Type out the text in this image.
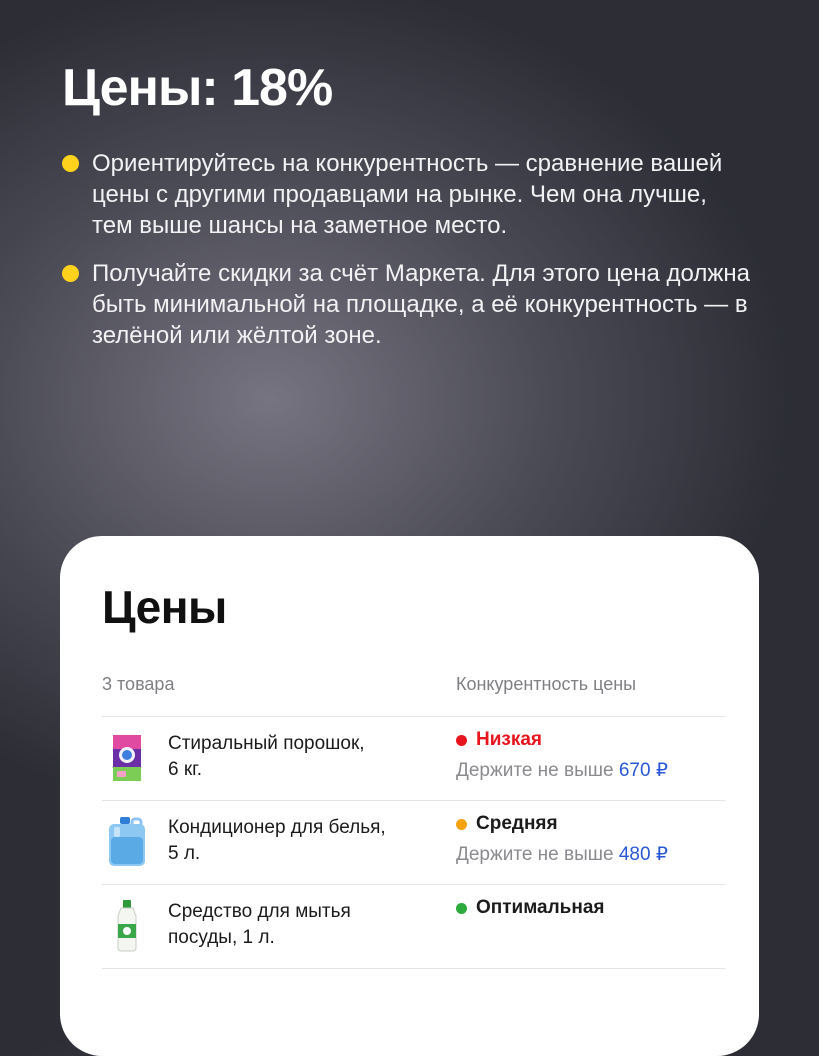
Цены: 18%
Ориентируйтесь на конкурентность — сравнение вашей цены с другими продавцами на рынке. Чем она лучше, тем выше шансы на заметное место.
Получайте скидки за счёт Маркета. Для этого цена должна быть минимальной на площадке, а её конкурентность — в зелёной или жёлтой зоне.
Цены
3 товара	Конкурентность цены
Стиральный порошок,
6 кг.
Низкая
Держите не выше 670 ₽
Кондиционер для белья,
5 л.
Средняя
Держите не выше 480 ₽
Средство для мытья
посуды, 1 л.
Оптимальная
